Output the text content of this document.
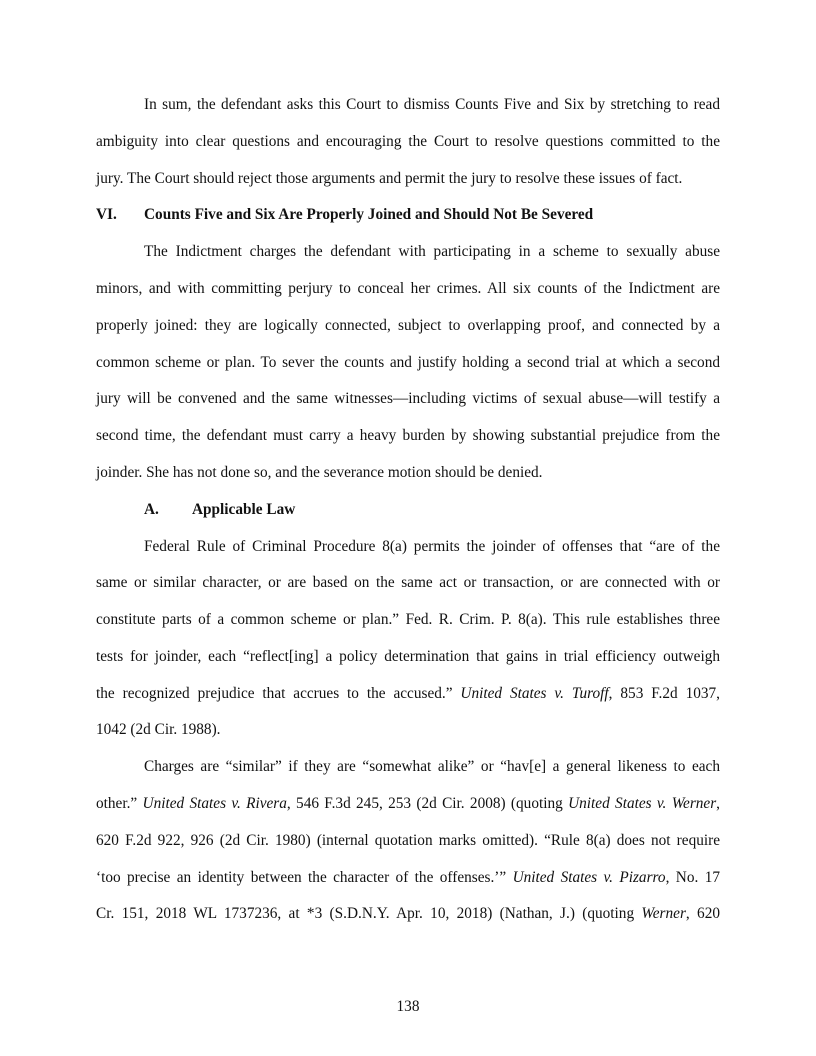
In sum, the defendant asks this Court to dismiss Counts Five and Six by stretching to read
ambiguity into clear questions and encouraging the Court to resolve questions committed to the
jury. The Court should reject those arguments and permit the jury to resolve these issues of fact.
VI. Counts Five and Six Are Properly Joined and Should Not Be Severed
The Indictment charges the defendant with participating in a scheme to sexually abuse
minors, and with committing perjury to conceal her crimes. All six counts of the Indictment are
properly joined: they are logically connected, subject to overlapping proof, and connected by a
common scheme or plan. To sever the counts and justify holding a second trial at which a second
jury will be convened and the same witnesses—including victims of sexual abuse—will testify a
second time, the defendant must carry a heavy burden by showing substantial prejudice from the
joinder. She has not done so, and the severance motion should be denied.
A. Applicable Law
Federal Rule of Criminal Procedure 8(a) permits the joinder of offenses that “are of the
same or similar character, or are based on the same act or transaction, or are connected with or
constitute parts of a common scheme or plan.” Fed. R. Crim. P. 8(a). This rule establishes three
tests for joinder, each “reflect[ing] a policy determination that gains in trial efficiency outweigh
the recognized prejudice that accrues to the accused.” United States v. Turoff, 853 F.2d 1037,
1042 (2d Cir. 1988).
Charges are “similar” if they are “somewhat alike” or “hav[e] a general likeness to each
other.” United States v. Rivera, 546 F.3d 245, 253 (2d Cir. 2008) (quoting United States v. Werner,
620 F.2d 922, 926 (2d Cir. 1980) (internal quotation marks omitted). “Rule 8(a) does not require
‘too precise an identity between the character of the offenses.’” United States v. Pizarro, No. 17
Cr. 151, 2018 WL 1737236, at *3 (S.D.N.Y. Apr. 10, 2018) (Nathan, J.) (quoting Werner, 620
138
